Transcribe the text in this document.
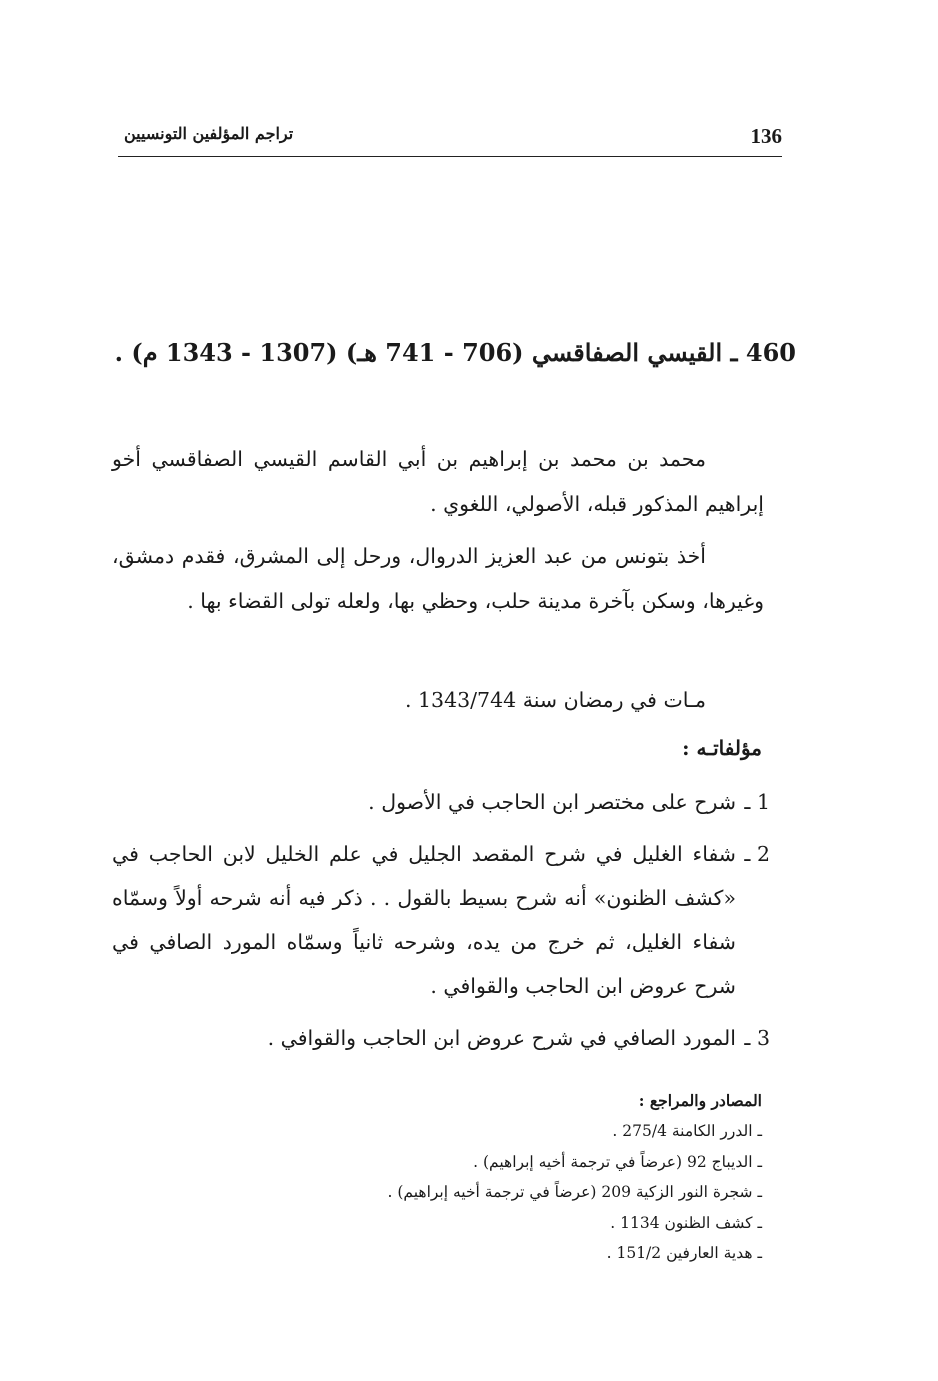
136
تراجم المؤلفين التونسيين
460 ـ القيسي الصفاقسي (706 - 741 هـ) (1307 - 1343 م) .

محمد بن محمد بن إبراهيم بن أبي القاسم القيسي الصفاقسي أخو إبراهيم المذكور قبله، الأصولي، اللغوي .

أخذ بتونس من عبد العزيز الدروال، ورحل إلى المشرق، فقدم دمشق، وغيرها، وسكن بآخرة مدينة حلب، وحظي بها، ولعله تولى القضاء بها .

مـات في رمضان سنة 1343/744 .

مؤلفاتـه :
1 ـشرح على مختصر ابن الحاجب في الأصول .
2 ـشفاء الغليل في شرح المقصد الجليل في علم الخليل لابن الحاجب في «كشف الظنون» أنه شرح بسيط بالقول . . ذكر فيه أنه شرحه أولاً وسمّاه شفاء الغليل، ثم خرج من يده، وشرحه ثانياً وسمّاه المورد الصافي في شرح عروض ابن الحاجب والقوافي .
3 ـالمورد الصافي في شرح عروض ابن الحاجب والقوافي .
المصادر والمراجع :
ـ الدرر الكامنة 275/4 .
ـ الديباج 92 (عرضاً في ترجمة أخيه إبراهيم) .
ـ شجرة النور الزكية 209 (عرضاً في ترجمة أخيه إبراهيم) .
ـ كشف الظنون 1134 .
ـ هدية العارفين 151/2 .
